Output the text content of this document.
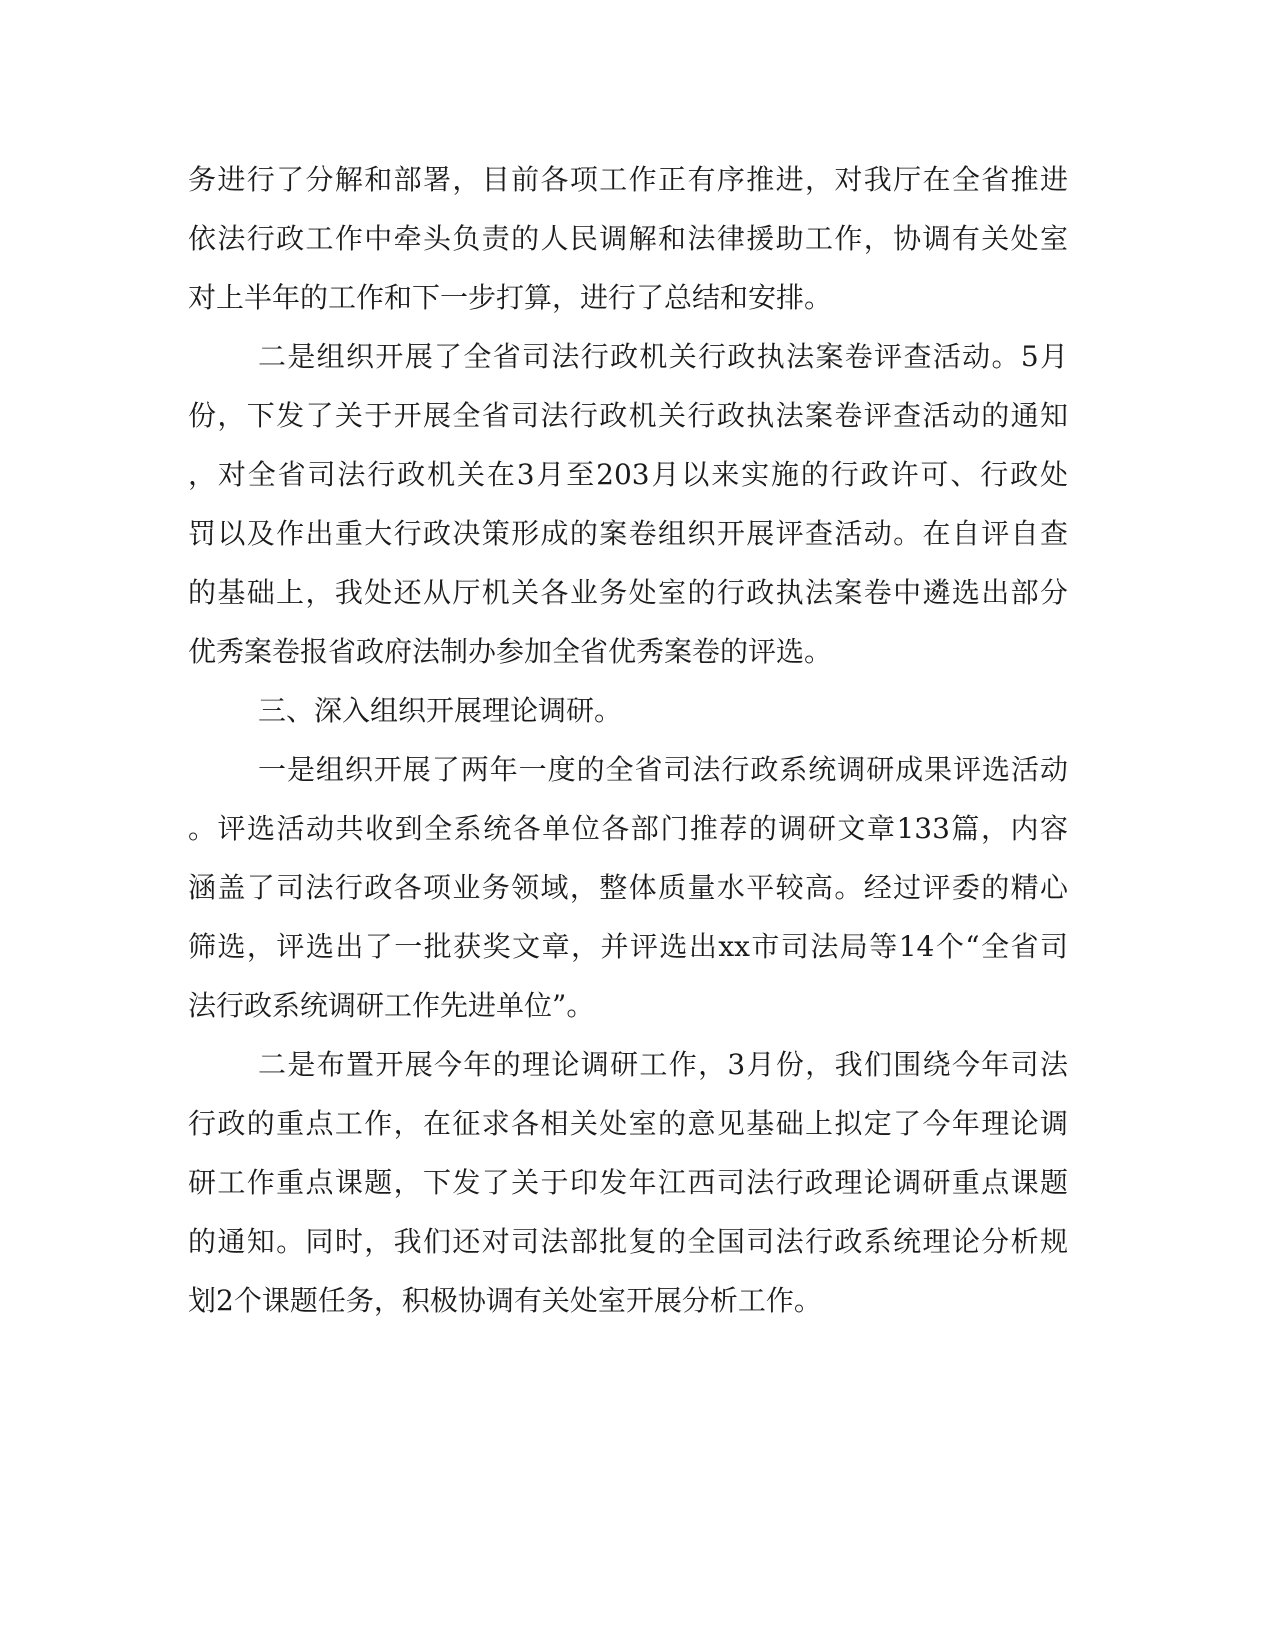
务进行了分解和部署，目前各项工作正有序推进，对我厅在全省推进
依法行政工作中牵头负责的人民调解和法律援助工作，协调有关处室
对上半年的工作和下一步打算，进行了总结和安排。
二是组织开展了全省司法行政机关行政执法案卷评查活动。5月
份，下发了关于开展全省司法行政机关行政执法案卷评查活动的通知
，对全省司法行政机关在3月至203月以来实施的行政许可、行政处
罚以及作出重大行政决策形成的案卷组织开展评查活动。在自评自查
的基础上，我处还从厅机关各业务处室的行政执法案卷中遴选出部分
优秀案卷报省政府法制办参加全省优秀案卷的评选。
三、深入组织开展理论调研。
一是组织开展了两年一度的全省司法行政系统调研成果评选活动
。评选活动共收到全系统各单位各部门推荐的调研文章133篇，内容
涵盖了司法行政各项业务领域，整体质量水平较高。经过评委的精心
筛选，评选出了一批获奖文章，并评选出xx市司法局等14个“全省司
法行政系统调研工作先进单位”。
二是布置开展今年的理论调研工作，3月份，我们围绕今年司法
行政的重点工作，在征求各相关处室的意见基础上拟定了今年理论调
研工作重点课题，下发了关于印发年江西司法行政理论调研重点课题
的通知。同时，我们还对司法部批复的全国司法行政系统理论分析规
划2个课题任务，积极协调有关处室开展分析工作。
